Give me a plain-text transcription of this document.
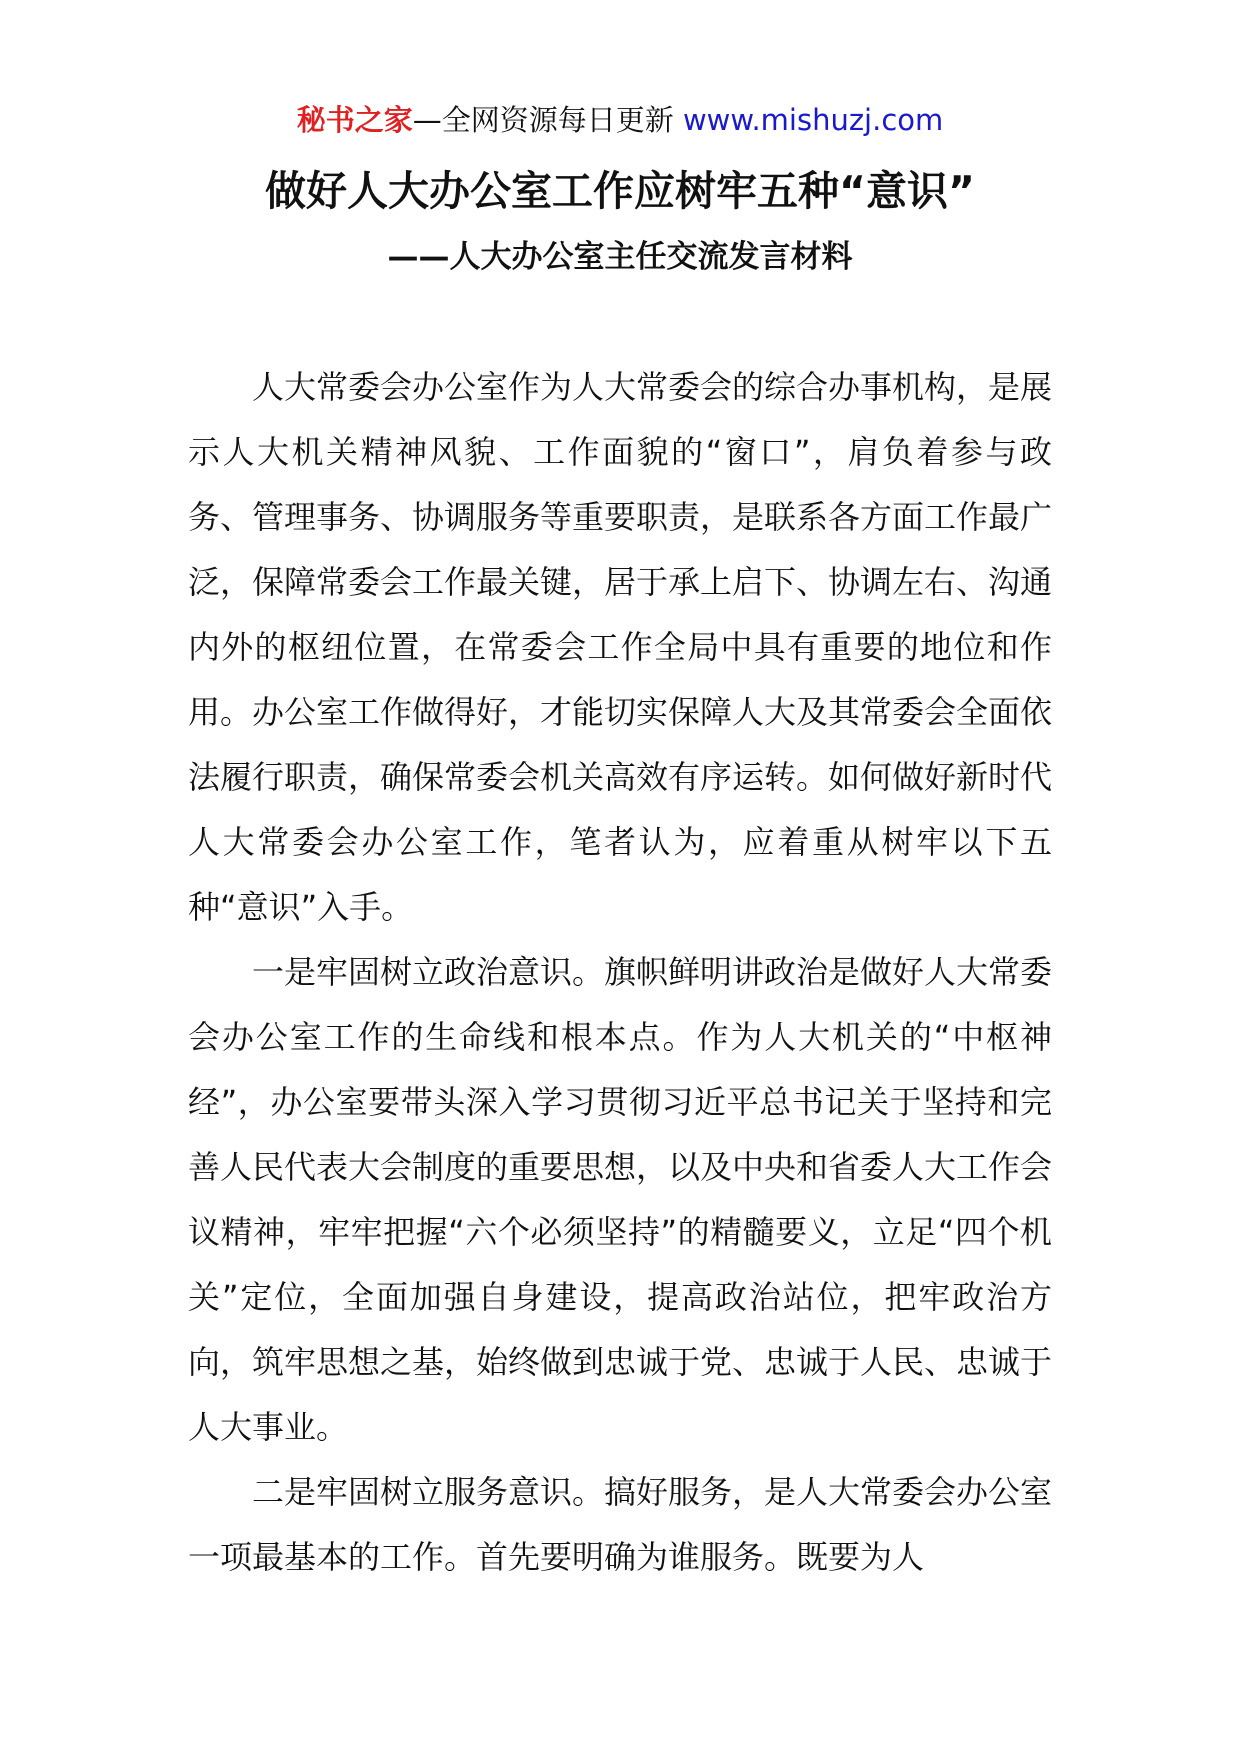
秘书之家—全网资源每日更新 www.mishuzj.com
做好人大办公室工作应树牢五种“意识”
——人大办公室主任交流发言材料

人大常委会办公室作为人大常委会的综合办事机构，是展示人大机关精神风貌、工作面貌的“窗口”，肩负着参与政务、管理事务、协调服务等重要职责，是联系各方面工作最广泛，保障常委会工作最关键，居于承上启下、协调左右、沟通内外的枢纽位置，在常委会工作全局中具有重要的地位和作用。办公室工作做得好，才能切实保障人大及其常委会全面依法履行职责，确保常委会机关高效有序运转。如何做好新时代人大常委会办公室工作，笔者认为，应着重从树牢以下五种“意识”入手。

一是牢固树立政治意识。旗帜鲜明讲政治是做好人大常委会办公室工作的生命线和根本点。作为人大机关的“中枢神经”，办公室要带头深入学习贯彻习近平总书记关于坚持和完善人民代表大会制度的重要思想，以及中央和省委人大工作会议精神，牢牢把握“六个必须坚持”的精髓要义，立足“四个机关”定位，全面加强自身建设，提高政治站位，把牢政治方向，筑牢思想之基，始终做到忠诚于党、忠诚于人民、忠诚于人大事业。

二是牢固树立服务意识。搞好服务，是人大常委会办公室一项最基本的工作。首先要明确为谁服务。既要为人
